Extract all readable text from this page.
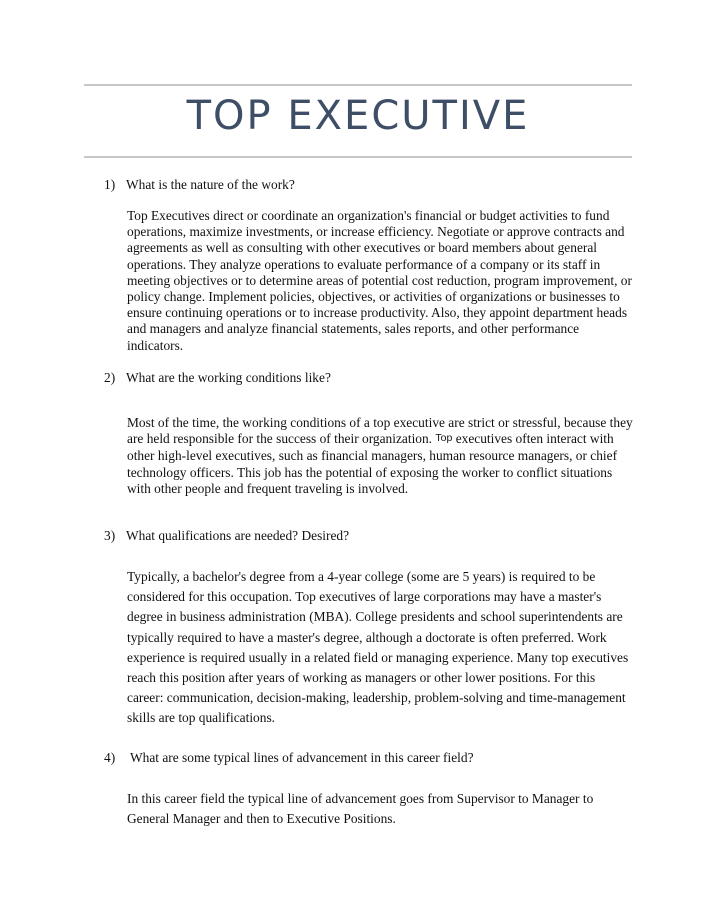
TOP EXECUTIVE
1) What is the nature of the work?
Top Executives direct or coordinate an organization's financial or budget activities to fund operations, maximize investments, or increase efficiency. Negotiate or approve contracts and agreements as well as consulting with other executives or board members about general operations. They analyze operations to evaluate performance of a company or its staff in meeting objectives or to determine areas of potential cost reduction, program improvement, or policy change. Implement policies, objectives, or activities of organizations or businesses to ensure continuing operations or to increase productivity. Also, they appoint department heads and managers and analyze financial statements, sales reports, and other performance indicators.
2) What are the working conditions like?
Most of the time, the working conditions of a top executive are strict or stressful, because they are held responsible for the success of their organization. Top executives often interact with other high-level executives, such as financial managers, human resource managers, or chief technology officers. This job has the potential of exposing the worker to conflict situations with other people and frequent traveling is involved.
3) What qualifications are needed? Desired?
Typically, a bachelor's degree from a 4-year college (some are 5 years) is required to be considered for this occupation. Top executives of large corporations may have a master's degree in business administration (MBA). College presidents and school superintendents are typically required to have a master's degree, although a doctorate is often preferred. Work experience is required usually in a related field or managing experience. Many top executives reach this position after years of working as managers or other lower positions. For this career: communication, decision-making, leadership, problem-solving and time-management skills are top qualifications.
4) What are some typical lines of advancement in this career field?
In this career field the typical line of advancement goes from Supervisor to Manager to General Manager and then to Executive Positions.
